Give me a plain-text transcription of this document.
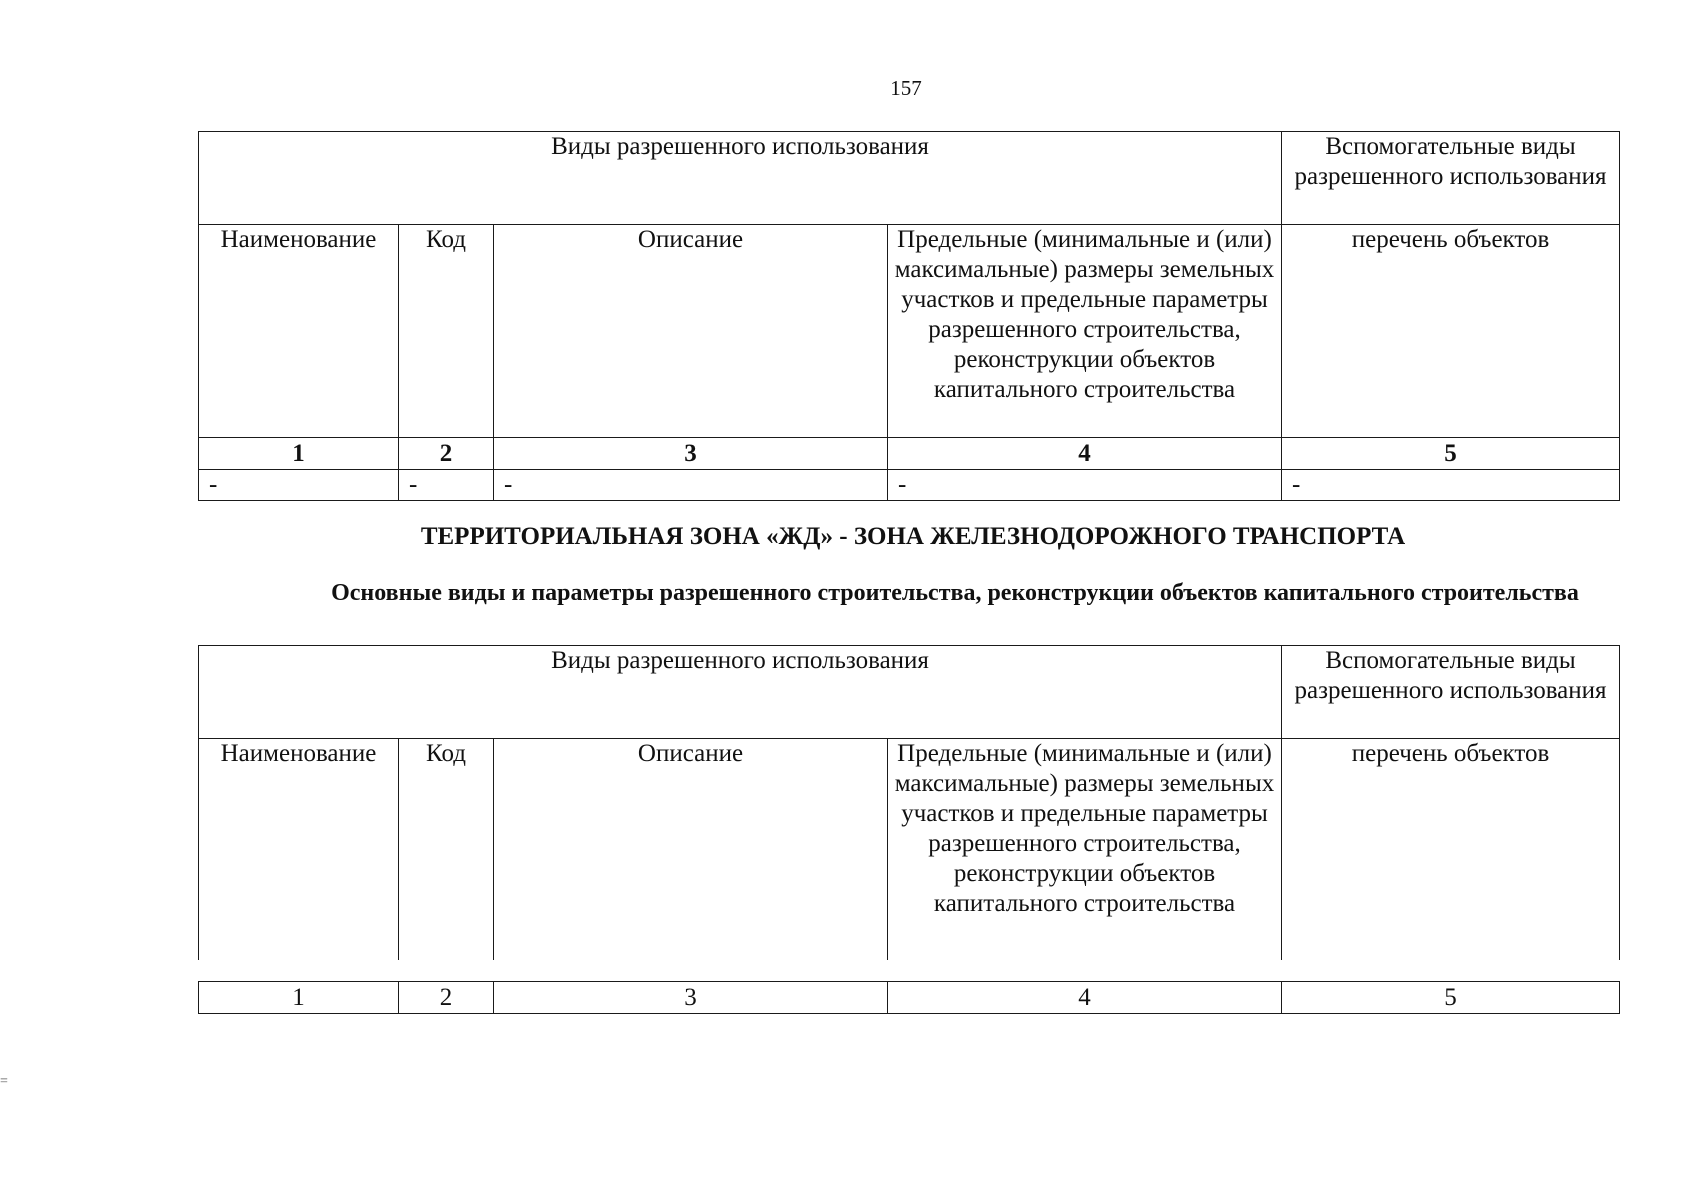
157
Виды разрешенного использования				Вспомогательные виды разрешенного использования
Наименование	Код	Описание	Предельные (минимальные и (или) максимальные) размеры земельных участков и предельные параметры разрешенного строительства, реконструкции объектов капитального строительства	перечень объектов
1	2	3	4	5
-	-	-	-	-
ТЕРРИТОРИАЛЬНАЯ ЗОНА «ЖД» - ЗОНА ЖЕЛЕЗНОДОРОЖНОГО ТРАНСПОРТА
Основные виды и параметры разрешенного строительства, реконструкции объектов капитального строительства
Виды разрешенного использования				Вспомогательные виды разрешенного использования
Наименование	Код	Описание	Предельные (минимальные и (или) максимальные) размеры земельных участков и предельные параметры разрешенного строительства, реконструкции объектов капитального строительства	перечень объектов
1	2	3	4	5
=
